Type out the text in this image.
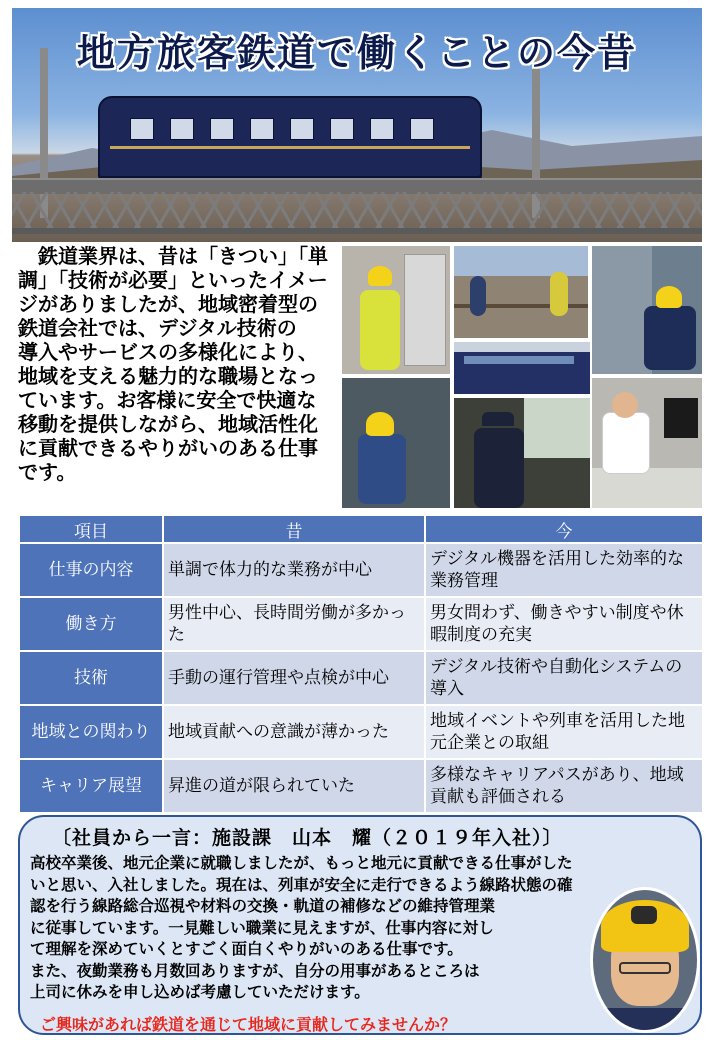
地方旅客鉄道で働くことの今昔
　鉄道業界は、昔は「きつい」「単
調」「技術が必要」といったイメー
ジがありましたが、地域密着型の
鉄道会社では、デジタル技術の
導入やサービスの多様化により、
地域を支える魅力的な職場となっ
ています。お客様に安全で快適な
移動を提供しながら、地域活性化
に貢献できるやりがいのある仕事
です。
項目	昔	今
仕事の内容	単調で体力的な業務が中心	デジタル機器を活用した効率的な業務管理
働き方	男性中心、長時間労働が多かった	男女問わず、働きやすい制度や休暇制度の充実
技術	手動の運行管理や点検が中心	デジタル技術や自動化システムの導入
地域との関わり	地域貢献への意識が薄かった	地域イベントや列車を活用した地元企業との取組
キャリア展望	昇進の道が限られていた	多様なキャリアパスがあり、地域貢献も評価される
〔社員から一言：施設課　山本　耀（２０１９年入社）〕
高校卒業後、地元企業に就職しましたが、もっと地元に貢献できる仕事がした
いと思い、入社しました。現在は、列車が安全に走行できるよう線路状態の確
認を行う線路総合巡視や材料の交換・軌道の補修などの維持管理業
に従事しています。一見難しい職業に見えますが、仕事内容に対し
て理解を深めていくとすごく面白くやりがいのある仕事です。
また、夜勤業務も月数回ありますが、自分の用事があるところは
上司に休みを申し込めば考慮していただけます。
ご興味があれば鉄道を通じて地域に貢献してみませんか？
